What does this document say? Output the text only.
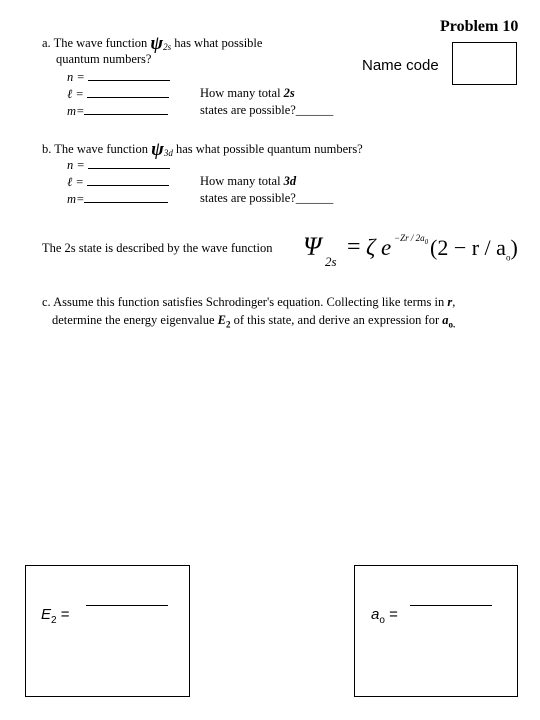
Problem 10
Name code
a. The wave function $\psi_{2s}$ has what possible
quantum numbers?
n =
ℓ =
m=
How many total 2s
states are possible?______
b. The wave function $\psi_{3d}$ has what possible quantum numbers?
n =
ℓ =
m=
How many total 3d
states are possible?______
The 2s state is described by the wave function Ψ
2s
= ζ $e -Zr / 2a_0$ $(2 - r / a_o)$
c. Assume this function satisfies Schrodinger's equation. Collecting like terms in r,
determine the energy eigenvalue $E_2$ of this state, and derive an expression for $a_{o.}$
$E_2$ =	$a_o$ =
